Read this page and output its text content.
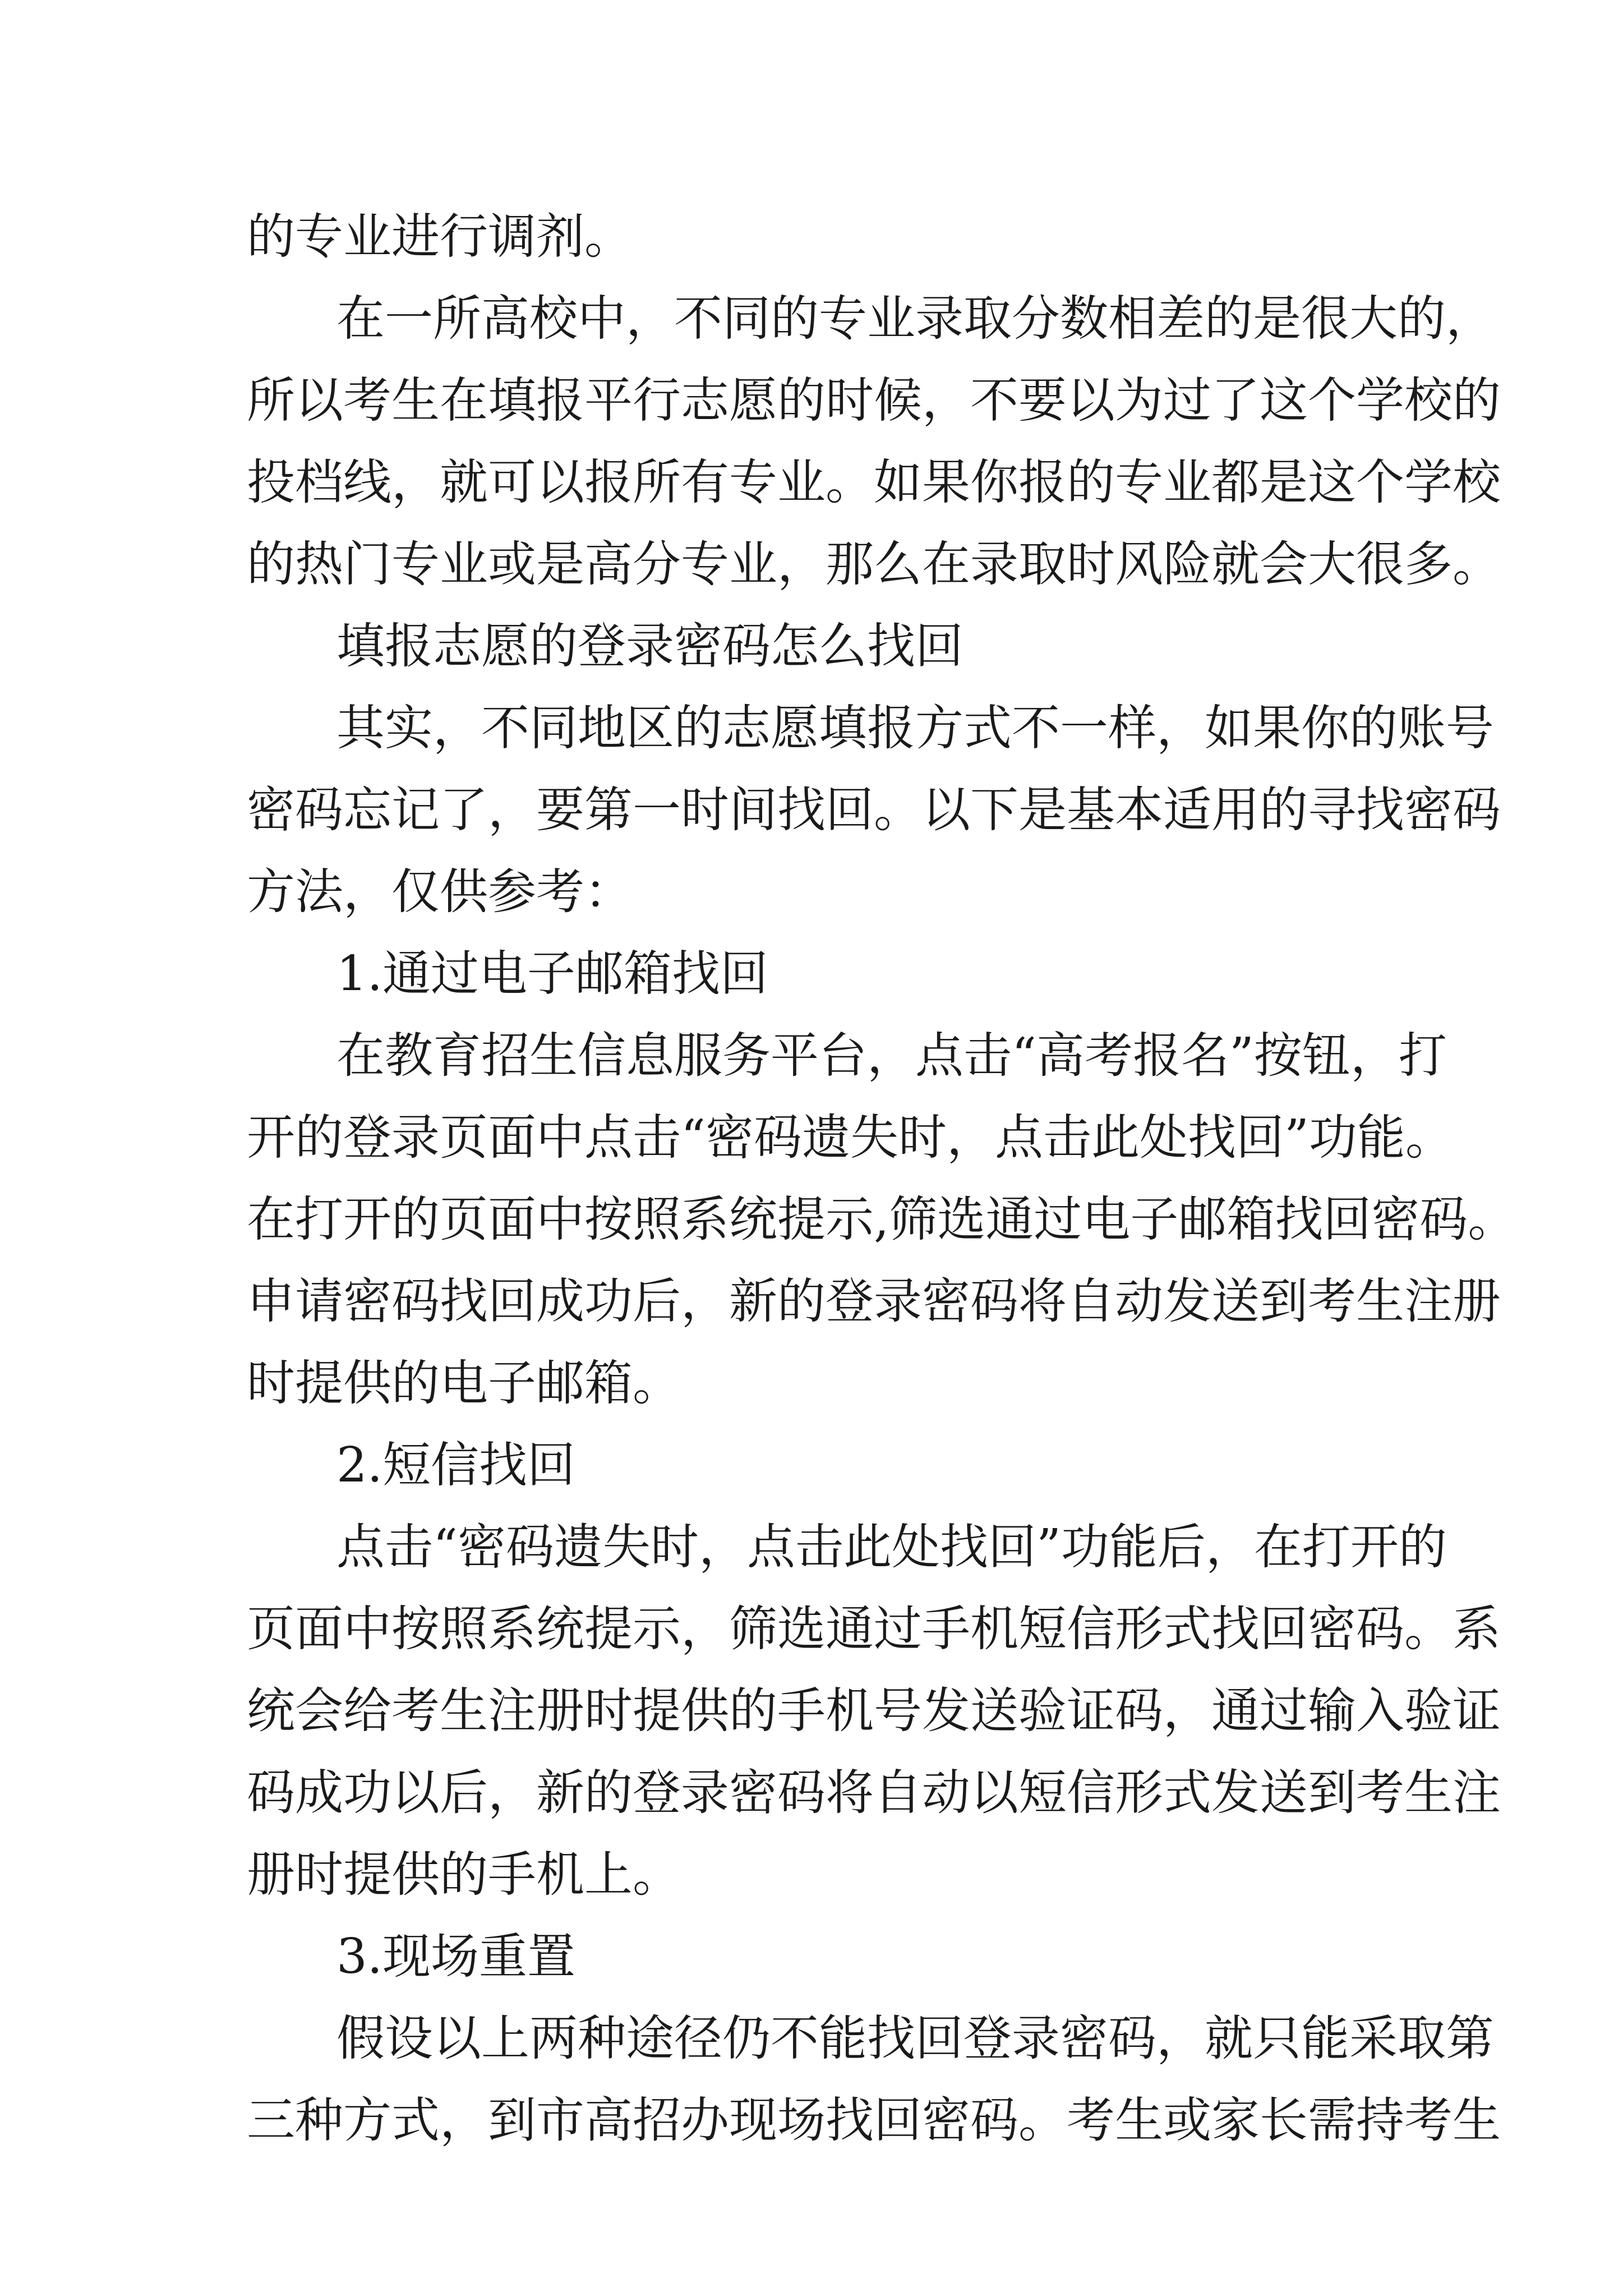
的专业进行调剂。

在一所高校中，不同的专业录取分数相差的是很大的，

所以考生在填报平行志愿的时候，不要以为过了这个学校的

投档线，就可以报所有专业。如果你报的专业都是这个学校

的热门专业或是高分专业，那么在录取时风险就会大很多。

填报志愿的登录密码怎么找回

其实，不同地区的志愿填报方式不一样，如果你的账号

密码忘记了，要第一时间找回。以下是基本适用的寻找密码

方法，仅供参考：

1.通过电子邮箱找回

在教育招生信息服务平台，点击“高考报名”按钮，打

开的登录页面中点击“密码遗失时，点击此处找回”功能。

在打开的页面中按照系统提示,筛选通过电子邮箱找回密码。

申请密码找回成功后，新的登录密码将自动发送到考生注册

时提供的电子邮箱。

2.短信找回

点击“密码遗失时，点击此处找回”功能后，在打开的

页面中按照系统提示，筛选通过手机短信形式找回密码。系

统会给考生注册时提供的手机号发送验证码，通过输入验证

码成功以后，新的登录密码将自动以短信形式发送到考生注

册时提供的手机上。

3.现场重置

假设以上两种途径仍不能找回登录密码，就只能采取第

三种方式，到市高招办现场找回密码。考生或家长需持考生
